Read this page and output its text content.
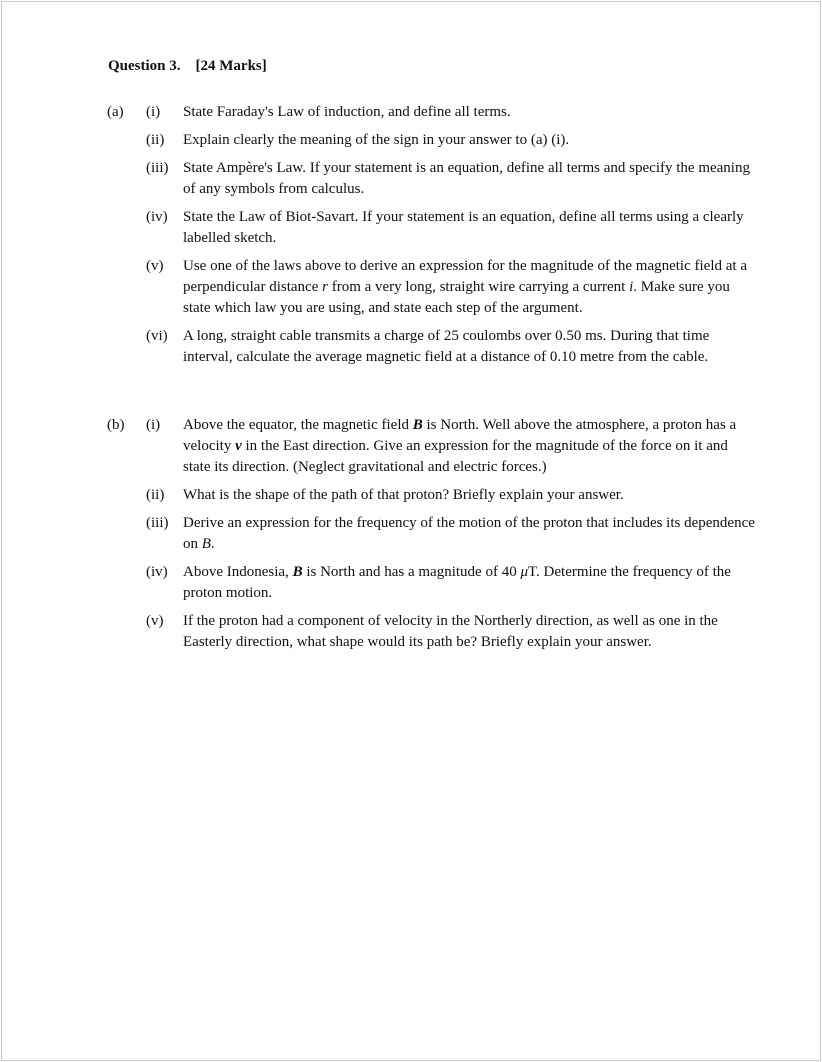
Question 3. [24 Marks]
(a) (i) State Faraday's Law of induction, and define all terms.
(ii) Explain clearly the meaning of the sign in your answer to (a) (i).
(iii) State Ampère's Law. If your statement is an equation, define all terms and specify the meaning of any symbols from calculus.
(iv) State the Law of Biot-Savart. If your statement is an equation, define all terms using a clearly labelled sketch.
(v) Use one of the laws above to derive an expression for the magnitude of the magnetic field at a perpendicular distance r from a very long, straight wire carrying a current i. Make sure you state which law you are using, and state each step of the argument.
(vi) A long, straight cable transmits a charge of 25 coulombs over 0.50 ms. During that time interval, calculate the average magnetic field at a distance of 0.10 metre from the cable.
(b) (i) Above the equator, the magnetic field B is North. Well above the atmosphere, a proton has a velocity v in the East direction. Give an expression for the magnitude of the force on it and state its direction. (Neglect gravitational and electric forces.)
(ii) What is the shape of the path of that proton? Briefly explain your answer.
(iii) Derive an expression for the frequency of the motion of the proton that includes its dependence on B.
(iv) Above Indonesia, B is North and has a magnitude of 40 μT. Determine the frequency of the proton motion.
(v) If the proton had a component of velocity in the Northerly direction, as well as one in the Easterly direction, what shape would its path be? Briefly explain your answer.
